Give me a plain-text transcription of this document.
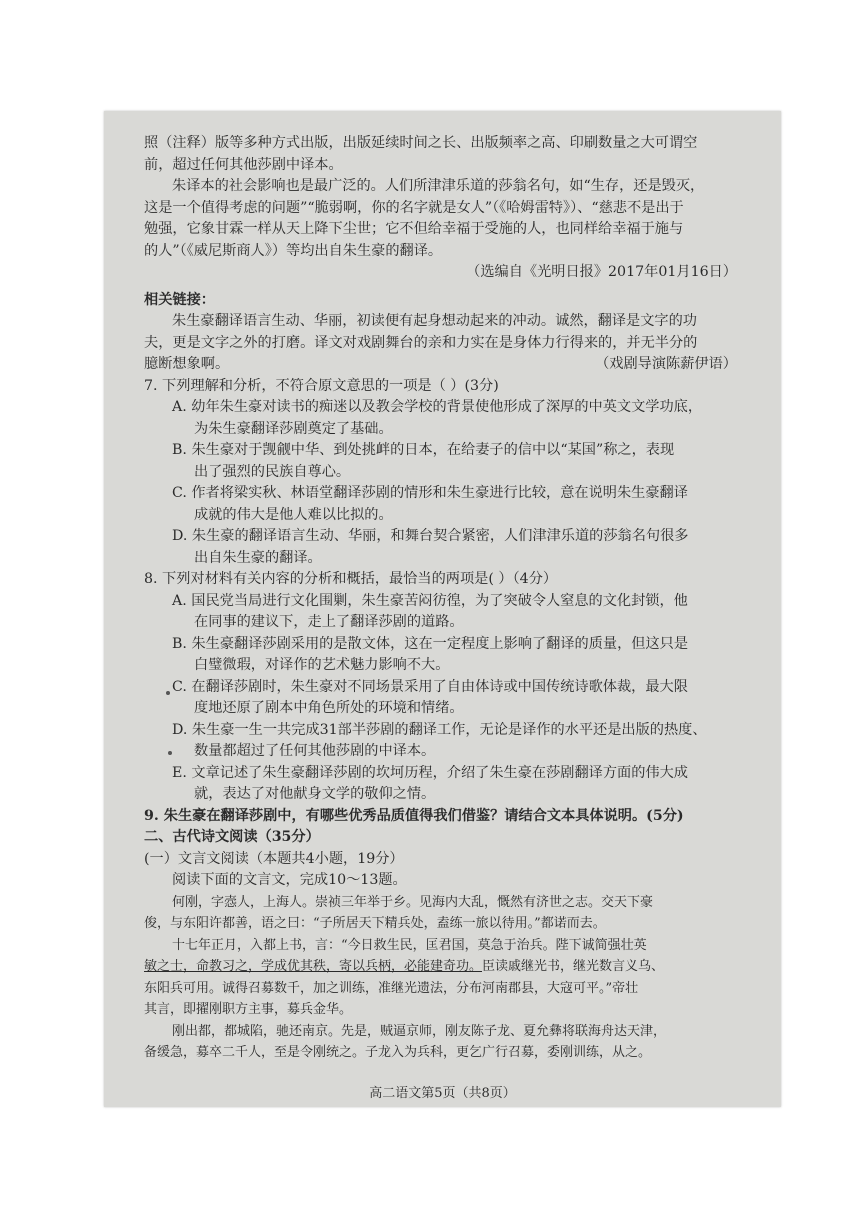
照（注释）版等多种方式出版，出版延续时间之长、出版频率之高、印刷数量之大可谓空
前，超过任何其他莎剧中译本。
朱译本的社会影响也是最广泛的。人们所津津乐道的莎翁名句，如“生存，还是毁灭，
这是一个值得考虑的问题”“脆弱啊，你的名字就是女人”（《哈姆雷特》）、“慈悲不是出于
勉强，它象甘霖一样从天上降下尘世；它不但给幸福于受施的人，也同样给幸福于施与
的人”（《威尼斯商人》）等均出自朱生豪的翻译。
（选编自《光明日报》2017年01月16日）
相关链接：
朱生豪翻译语言生动、华丽，初读便有起身想动起来的冲动。诚然，翻译是文字的功
夫，更是文字之外的打磨。译文对戏剧舞台的亲和力实在是身体力行得来的，并无半分的
臆断想象啊。	（戏剧导演陈薪伊语）
7. 下列理解和分析，不符合原文意思的一项是（ ）(3分)
A. 幼年朱生豪对读书的痴迷以及教会学校的背景使他形成了深厚的中英文文学功底，
为朱生豪翻译莎剧奠定了基础。
B. 朱生豪对于觊觎中华、到处挑衅的日本，在给妻子的信中以“某国”称之，表现
出了强烈的民族自尊心。
C. 作者将梁实秋、林语堂翻译莎剧的情形和朱生豪进行比较，意在说明朱生豪翻译
成就的伟大是他人难以比拟的。
D. 朱生豪的翻译语言生动、华丽，和舞台契合紧密，人们津津乐道的莎翁名句很多
出自朱生豪的翻译。
8. 下列对材料有关内容的分析和概括，最恰当的两项是( ）（4分）
A. 国民党当局进行文化围剿，朱生豪苦闷彷徨，为了突破令人窒息的文化封锁，他
在同事的建议下，走上了翻译莎剧的道路。
B. 朱生豪翻译莎剧采用的是散文体，这在一定程度上影响了翻译的质量，但这只是
白璧微瑕，对译作的艺术魅力影响不大。
C. 在翻译莎剧时，朱生豪对不同场景采用了自由体诗或中国传统诗歌体裁，最大限
度地还原了剧本中角色所处的环境和情绪。
D. 朱生豪一生一共完成31部半莎剧的翻译工作，无论是译作的水平还是出版的热度、
数量都超过了任何其他莎剧的中译本。
E. 文章记述了朱生豪翻译莎剧的坎坷历程，介绍了朱生豪在莎剧翻译方面的伟大成
就，表达了对他献身文学的敬仰之情。
9. 朱生豪在翻译莎剧中，有哪些优秀品质值得我们借鉴？请结合文本具体说明。(5分)
二、古代诗文阅读（35分）
(一）文言文阅读（本题共4小题，19分）
阅读下面的文言文，完成10～13题。
何刚，字悫人，上海人。崇祯三年举于乡。见海内大乱，慨然有济世之志。交天下豪
俊，与东阳许都善，语之曰：“子所居天下精兵处，盍练一旅以待用。”都诺而去。
十七年正月，入都上书，言：“今日救生民，匡君国，莫急于治兵。陛下诚简强壮英
敏之士，命教习之，学成优其秩，寄以兵柄，必能建奇功。臣读戚继光书，继光数言义乌、
东阳兵可用。诚得召募数千，加之训练，准继光遗法，分布河南郡县，大寇可平。”帝壮
其言，即擢刚职方主事，募兵金华。
刚出都，都城陷，驰还南京。先是，贼逼京师，刚友陈子龙、夏允彝将联海舟达天津，
备缓急，募卒二千人，至是令刚统之。子龙入为兵科，更乞广行召募，委刚训练，从之。
高二语文第5页（共8页）
